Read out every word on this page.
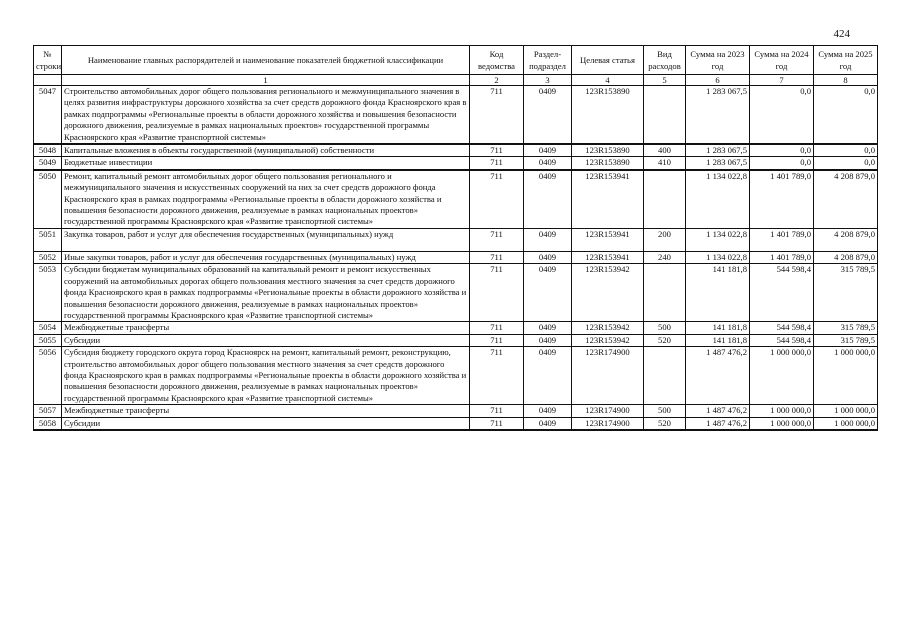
424
№ строки	Наименование главных распорядителей и наименование показателей бюджетной классификации	Код ведомства	Раздел-подраздел	Целевая статья	Вид расходов	Сумма на 2023 год	Сумма на 2024 год	Сумма на 2025 год
	1	2	3	4	5	6	7	8
5047	Строительство автомобильных дорог общего пользования регионального и межмуниципального значения в целях развития инфраструктуры дорожного хозяйства за счет средств дорожного фонда Красноярского края в рамках подпрограммы «Региональные проекты в области дорожного хозяйства и повышения безопасности дорожного движения, реализуемые в рамках национальных проектов» государственной программы Красноярского края «Развитие транспортной системы»	711	0409	123R153890		1 283 067,5	0,0	0,0
5048	Капитальные вложения в объекты государственной (муниципальной) собственности	711	0409	123R153890	400	1 283 067,5	0,0	0,0
5049	Бюджетные инвестиции	711	0409	123R153890	410	1 283 067,5	0,0	0,0
5050	Ремонт, капитальный ремонт автомобильных дорог общего пользования регионального и межмуниципального значения и искусственных сооружений на них за счет средств дорожного фонда Красноярского края в рамках подпрограммы «Региональные проекты в области дорожного хозяйства и повышения безопасности дорожного движения, реализуемые в рамках национальных проектов» государственной программы Красноярского края «Развитие транспортной системы»	711	0409	123R153941		1 134 022,8	1 401 789,0	4 208 879,0
5051	Закупка товаров, работ и услуг для обеспечения государственных (муниципальных) нужд	711	0409	123R153941	200	1 134 022,8	1 401 789,0	4 208 879,0
5052	Иные закупки товаров, работ и услуг для обеспечения государственных (муниципальных) нужд	711	0409	123R153941	240	1 134 022,8	1 401 789,0	4 208 879,0
5053	Субсидии бюджетам муниципальных образований на капитальный ремонт и ремонт искусственных сооружений на автомобильных дорогах общего пользования местного значения за счет средств дорожного фонда Красноярского края в рамках подпрограммы «Региональные проекты в области дорожного хозяйства и повышения безопасности дорожного движения, реализуемые в рамках национальных проектов» государственной программы Красноярского края «Развитие транспортной системы»	711	0409	123R153942		141 181,8	544 598,4	315 789,5
5054	Межбюджетные трансферты	711	0409	123R153942	500	141 181,8	544 598,4	315 789,5
5055	Субсидии	711	0409	123R153942	520	141 181,8	544 598,4	315 789,5
5056	Субсидия бюджету городского округа город Красноярск на ремонт, капитальный ремонт, реконструкцию, строительство автомобильных дорог общего пользования местного значения за счет средств дорожного фонда Красноярского края в рамках подпрограммы «Региональные проекты в области дорожного хозяйства и повышения безопасности дорожного движения, реализуемые в рамках национальных проектов» государственной программы Красноярского края «Развитие транспортной системы»	711	0409	123R174900		1 487 476,2	1 000 000,0	1 000 000,0
5057	Межбюджетные трансферты	711	0409	123R174900	500	1 487 476,2	1 000 000,0	1 000 000,0
5058	Субсидии	711	0409	123R174900	520	1 487 476,2	1 000 000,0	1 000 000,0
